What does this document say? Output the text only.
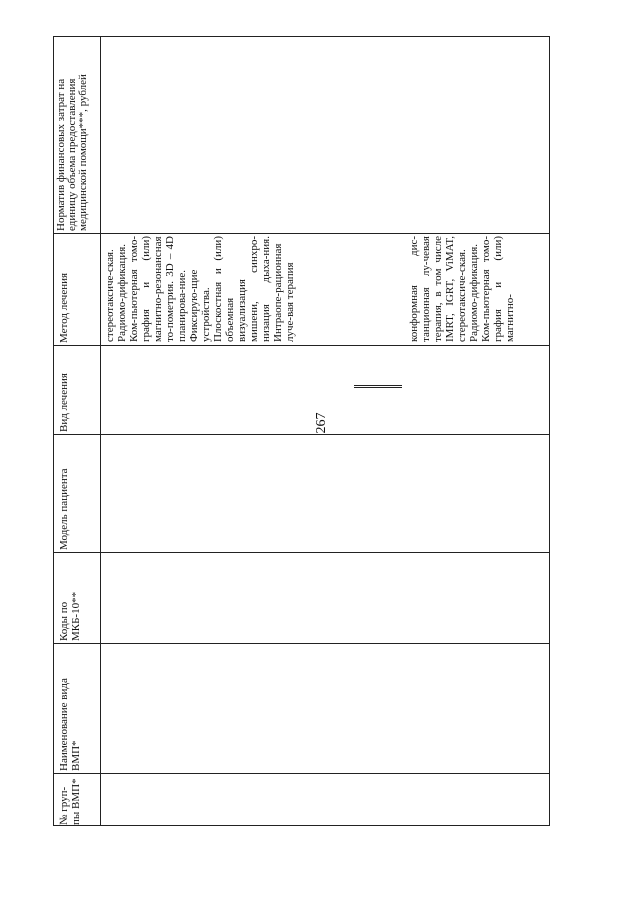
267
№ груп-пы ВМП*
Наименование вида ВМП*
Коды по МКБ-10**
Модель пациента
Вид лечения
Метод лечения
Норматив финансовых затрат на единицу объема предоставления медицинской помощи***, рублей
стереотаксиче-ская. Радиомо-дификация. Ком-пьютерная томо-графия и (или) магнитно-резонансная то-пометрия. 3D – 4D планирова-ние. Фиксирую-щие устройства. Плоскостная и (или) объемная визуализация мишени, синхро-низация дыха-ния. Интраопе-рационная луче-вая терапия	конформная дис-танционная лу-чевая терапия, в том числе IMRT, IGRT, ViMAT, стереотаксиче-ская. Радиомо-дификация. Ком-пьютерная томо-графия и (или) магнитно-
